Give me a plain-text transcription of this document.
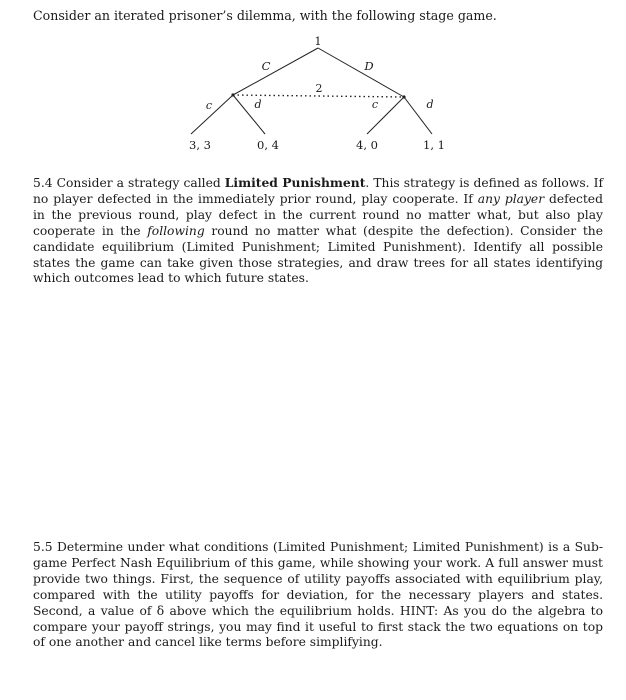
Consider an iterated prisoner’s dilemma, with the following stage game.
1
2
C	D
c	d	c	d
3, 3	0, 4	4, 0	1, 1
5.4 Consider a strategy called Limited Punishment. This strategy is defined as follows. If no player defected in the immediately prior round, play cooperate. If any player defected in the previous round, play defect in the current round no matter what, but also play cooperate in the following round no matter what (despite the defection). Consider the candidate equilibrium (Limited Punishment; Limited Punishment). Identify all possible states the game can take given those strategies, and draw trees for all states identifying which outcomes lead to which future states.
5.5 Determine under what conditions (Limited Punishment; Limited Punishment) is a Sub-game Perfect Nash Equilibrium of this game, while showing your work. A full answer must provide two things. First, the sequence of utility payoffs associated with equilibrium play, compared with the utility payoffs for deviation, for the necessary players and states. Second, a value of δ above which the equilibrium holds. HINT: As you do the algebra to compare your payoff strings, you may find it useful to first stack the two equations on top of one another and cancel like terms before simplifying.
